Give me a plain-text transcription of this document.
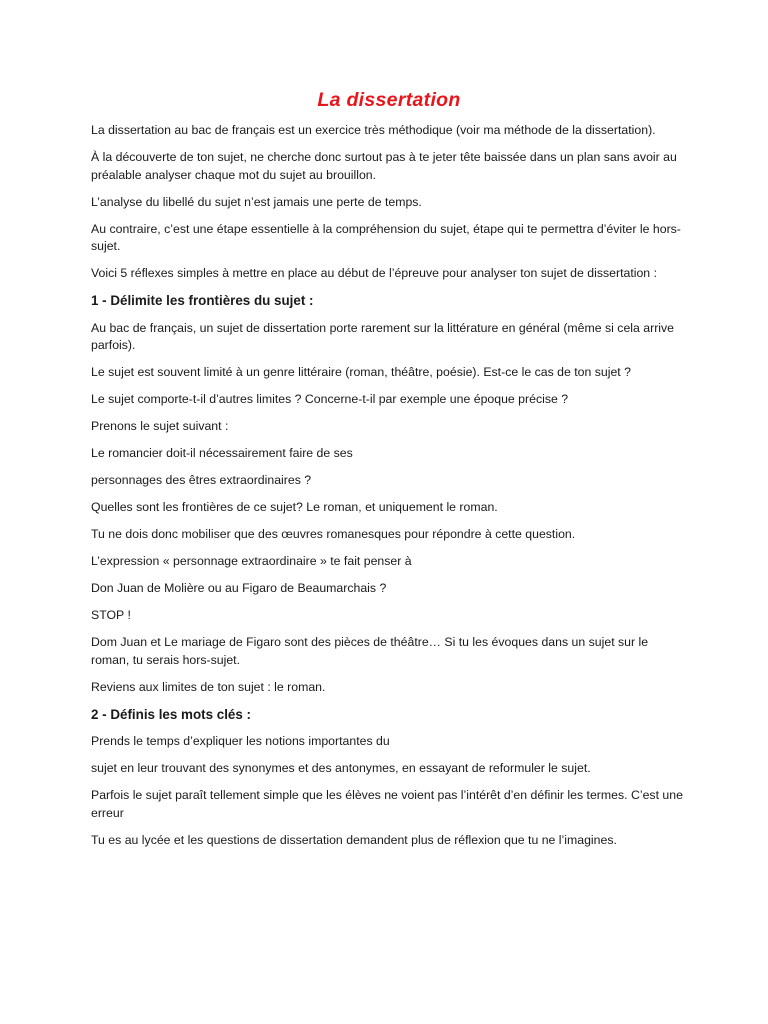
La dissertation

La dissertation au bac de français est un exercice très méthodique (voir ma méthode de la dissertation).

À la découverte de ton sujet, ne cherche donc surtout pas à te jeter tête baissée dans un plan sans avoir au préalable analyser chaque mot du sujet au brouillon.

L’analyse du libellé du sujet n’est jamais une perte de temps.

Au contraire, c’est une étape essentielle à la compréhension du sujet, étape qui te permettra d’éviter le hors-sujet.

Voici 5 réflexes simples à mettre en place au début de l’épreuve pour analyser ton sujet de dissertation :

1 - Délimite les frontières du sujet :

Au bac de français, un sujet de dissertation porte rarement sur la littérature en général (même si cela arrive parfois).

Le sujet est souvent limité à un genre littéraire (roman, théâtre, poésie). Est-ce le cas de ton sujet ?

Le sujet comporte-t-il d’autres limites ? Concerne-t-il par exemple une époque précise ?

Prenons le sujet suivant :

Le romancier doit-il nécessairement faire de ses

personnages des êtres extraordinaires ?

Quelles sont les frontières de ce sujet? Le roman, et uniquement le roman.

Tu ne dois donc mobiliser que des œuvres romanesques pour répondre à cette question.

L’expression « personnage extraordinaire » te fait penser à

Don Juan de Molière ou au Figaro de Beaumarchais ?

STOP !

Dom Juan et Le mariage de Figaro sont des pièces de théâtre… Si tu les évoques dans un sujet sur le roman, tu serais hors-sujet.

Reviens aux limites de ton sujet : le roman.

2 - Définis les mots clés :

Prends le temps d’expliquer les notions importantes du

sujet en leur trouvant des synonymes et des antonymes, en essayant de reformuler le sujet.

Parfois le sujet paraît tellement simple que les élèves ne voient pas l’intérêt d’en définir les termes. C’est une erreur

Tu es au lycée et les questions de dissertation demandent plus de réflexion que tu ne l’imagines.
